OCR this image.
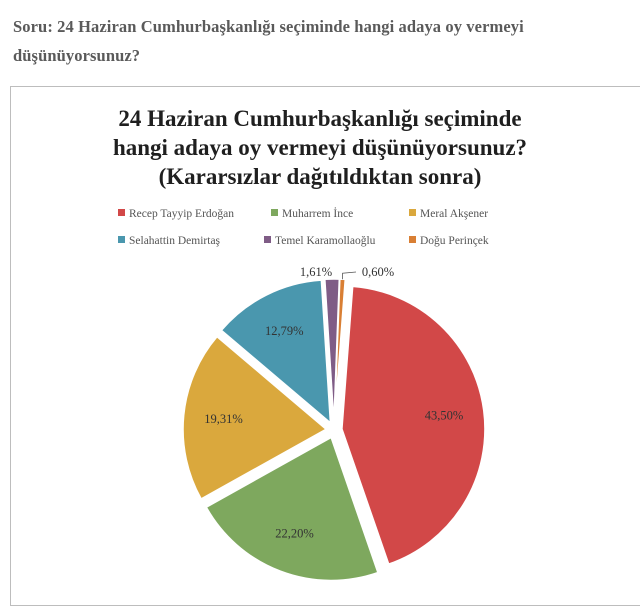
Soru: 24 Haziran Cumhurbaşkanlığı seçiminde hangi adaya oy vermeyi
düşünüyorsunuz?
24 Haziran Cumhurbaşkanlığı seçiminde
hangi adaya oy vermeyi düşünüyorsunuz?
(Kararsızlar dağıtıldıktan sonra)
Recep Tayyip Erdoğan	Muharrem İnce	Meral Akşener
Selahattin Demirtaş	Temel Karamollaoğlu	Doğu Perinçek
43,50%
22,20%
19,31%
12,79%
1,61% 0,60%
